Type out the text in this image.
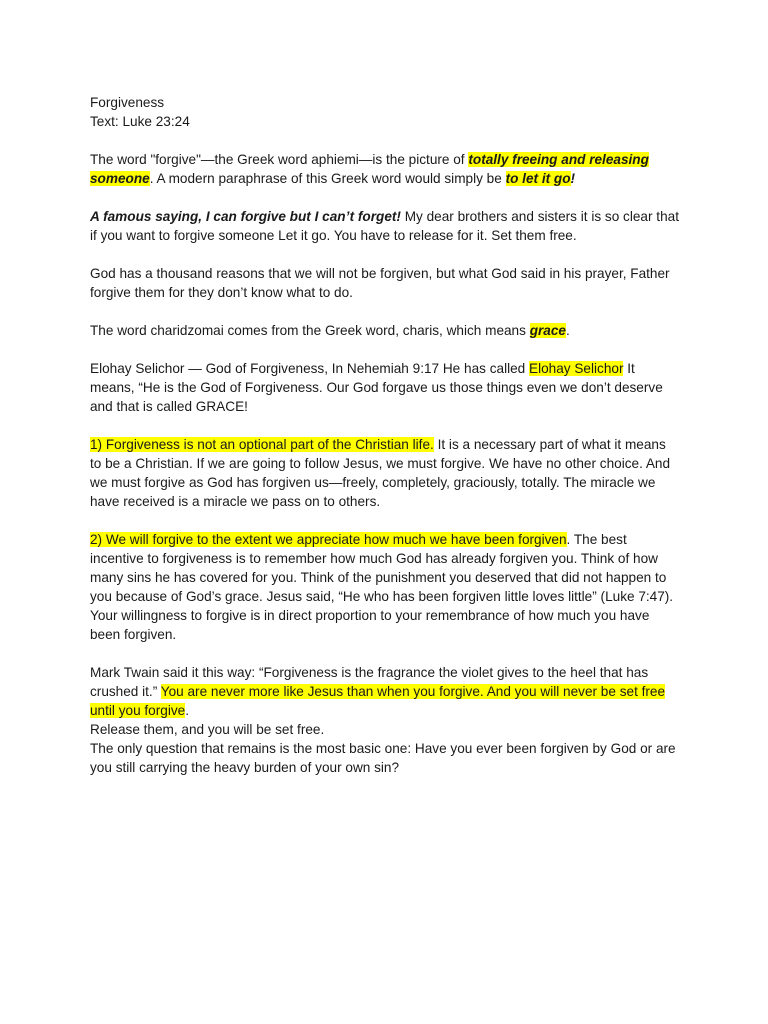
Forgiveness

Text: Luke 23:24

The word "forgive"—the Greek word aphiemi—is the picture of totally freeing and releasing someone. A modern paraphrase of this Greek word would simply be to let it go!

A famous saying, I can forgive but I can’t forget! My dear brothers and sisters it is so clear that if you want to forgive someone Let it go. You have to release for it. Set them free.

God has a thousand reasons that we will not be forgiven, but what God said in his prayer, Father forgive them for they don’t know what to do.

The word charidzomai comes from the Greek word, charis, which means grace.

Elohay Selichor — God of Forgiveness, In Nehemiah 9:17 He has called Elohay Selichor It means, “He is the God of Forgiveness. Our God forgave us those things even we don’t deserve and that is called GRACE!

1) Forgiveness is not an optional part of the Christian life. It is a necessary part of what it means to be a Christian. If we are going to follow Jesus, we must forgive. We have no other choice. And we must forgive as God has forgiven us—freely, completely, graciously, totally. The miracle we have received is a miracle we pass on to others.

2) We will forgive to the extent we appreciate how much we have been forgiven. The best incentive to forgiveness is to remember how much God has already forgiven you. Think of how many sins he has covered for you. Think of the punishment you deserved that did not happen to you because of God’s grace. Jesus said, “He who has been forgiven little loves little” (Luke 7:47). Your willingness to forgive is in direct proportion to your remembrance of how much you have been forgiven.

Mark Twain said it this way: “Forgiveness is the fragrance the violet gives to the heel that has crushed it.” You are never more like Jesus than when you forgive. And you will never be set free until you forgive.

Release them, and you will be set free.

The only question that remains is the most basic one: Have you ever been forgiven by God or are you still carrying the heavy burden of your own sin?
